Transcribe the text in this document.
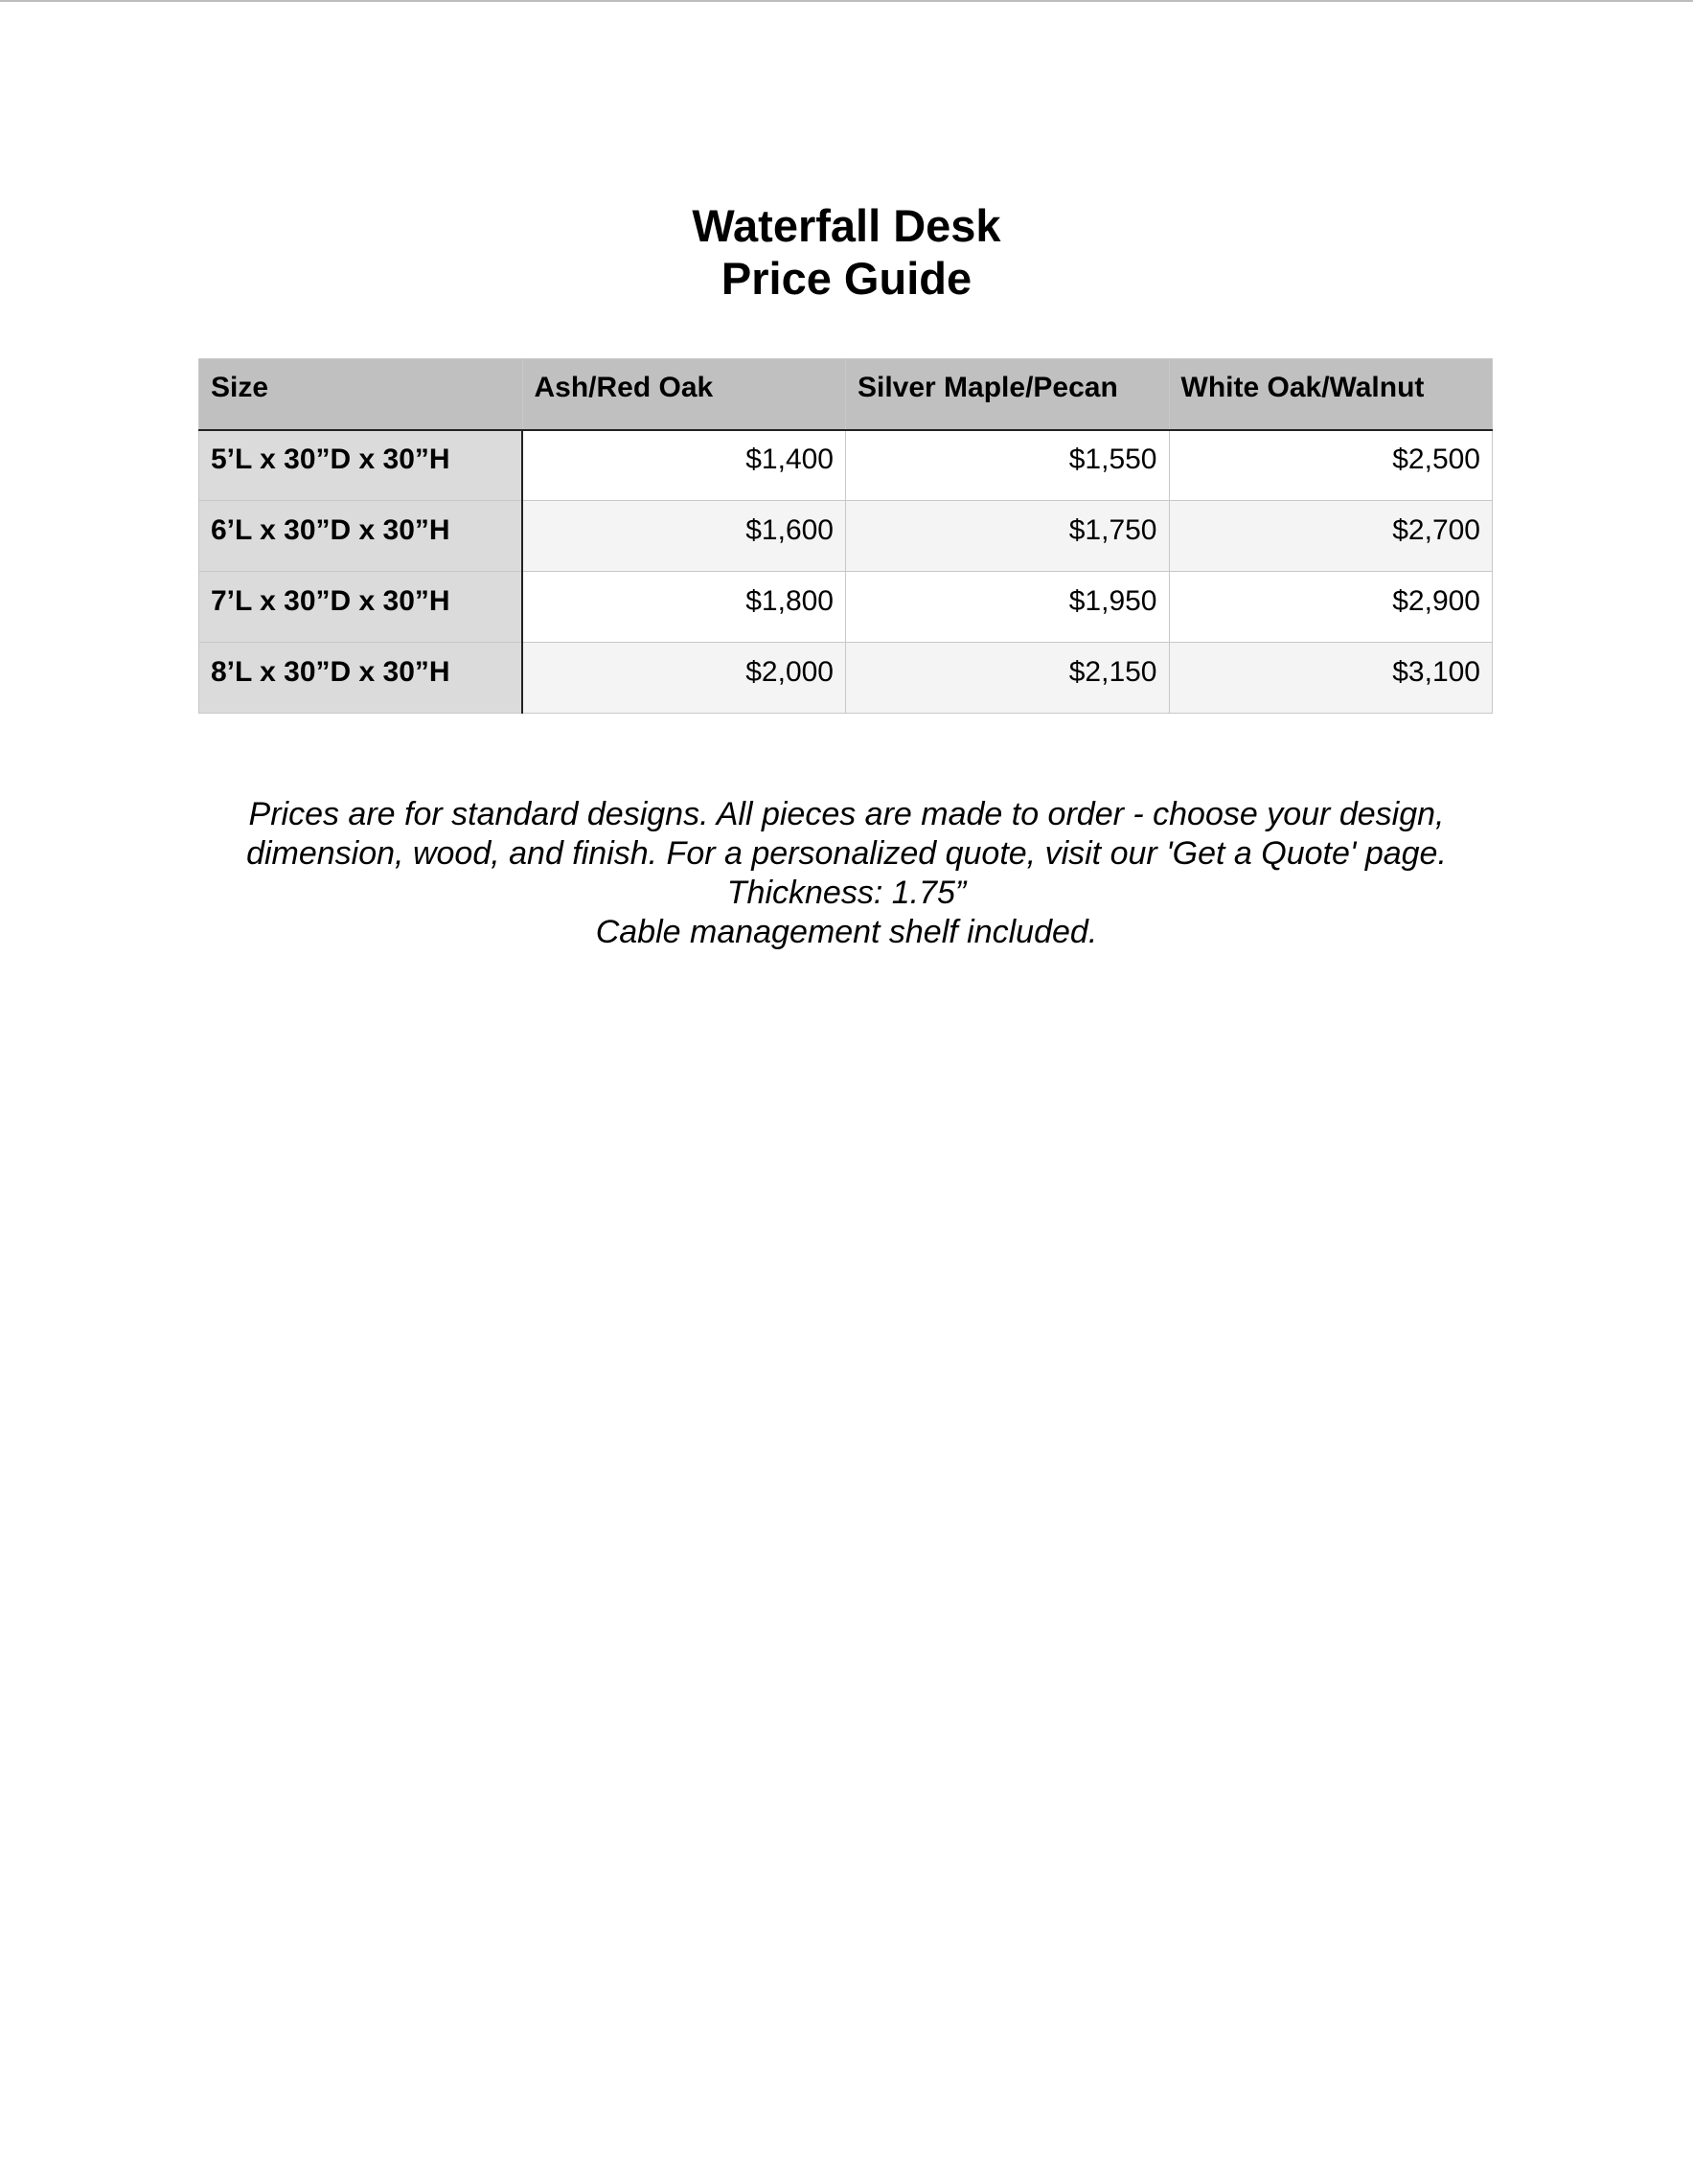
Waterfall Desk
Price Guide
Size	Ash/Red Oak	Silver Maple/Pecan	White Oak/Walnut
5’L x 30”D x 30”H	$1,400	$1,550	$2,500
6’L x 30”D x 30”H	$1,600	$1,750	$2,700
7’L x 30”D x 30”H	$1,800	$1,950	$2,900
8’L x 30”D x 30”H	$2,000	$2,150	$3,100
Prices are for standard designs. All pieces are made to order - choose your design,
dimension, wood, and finish. For a personalized quote, visit our 'Get a Quote' page.
Thickness: 1.75”
Cable management shelf included.
